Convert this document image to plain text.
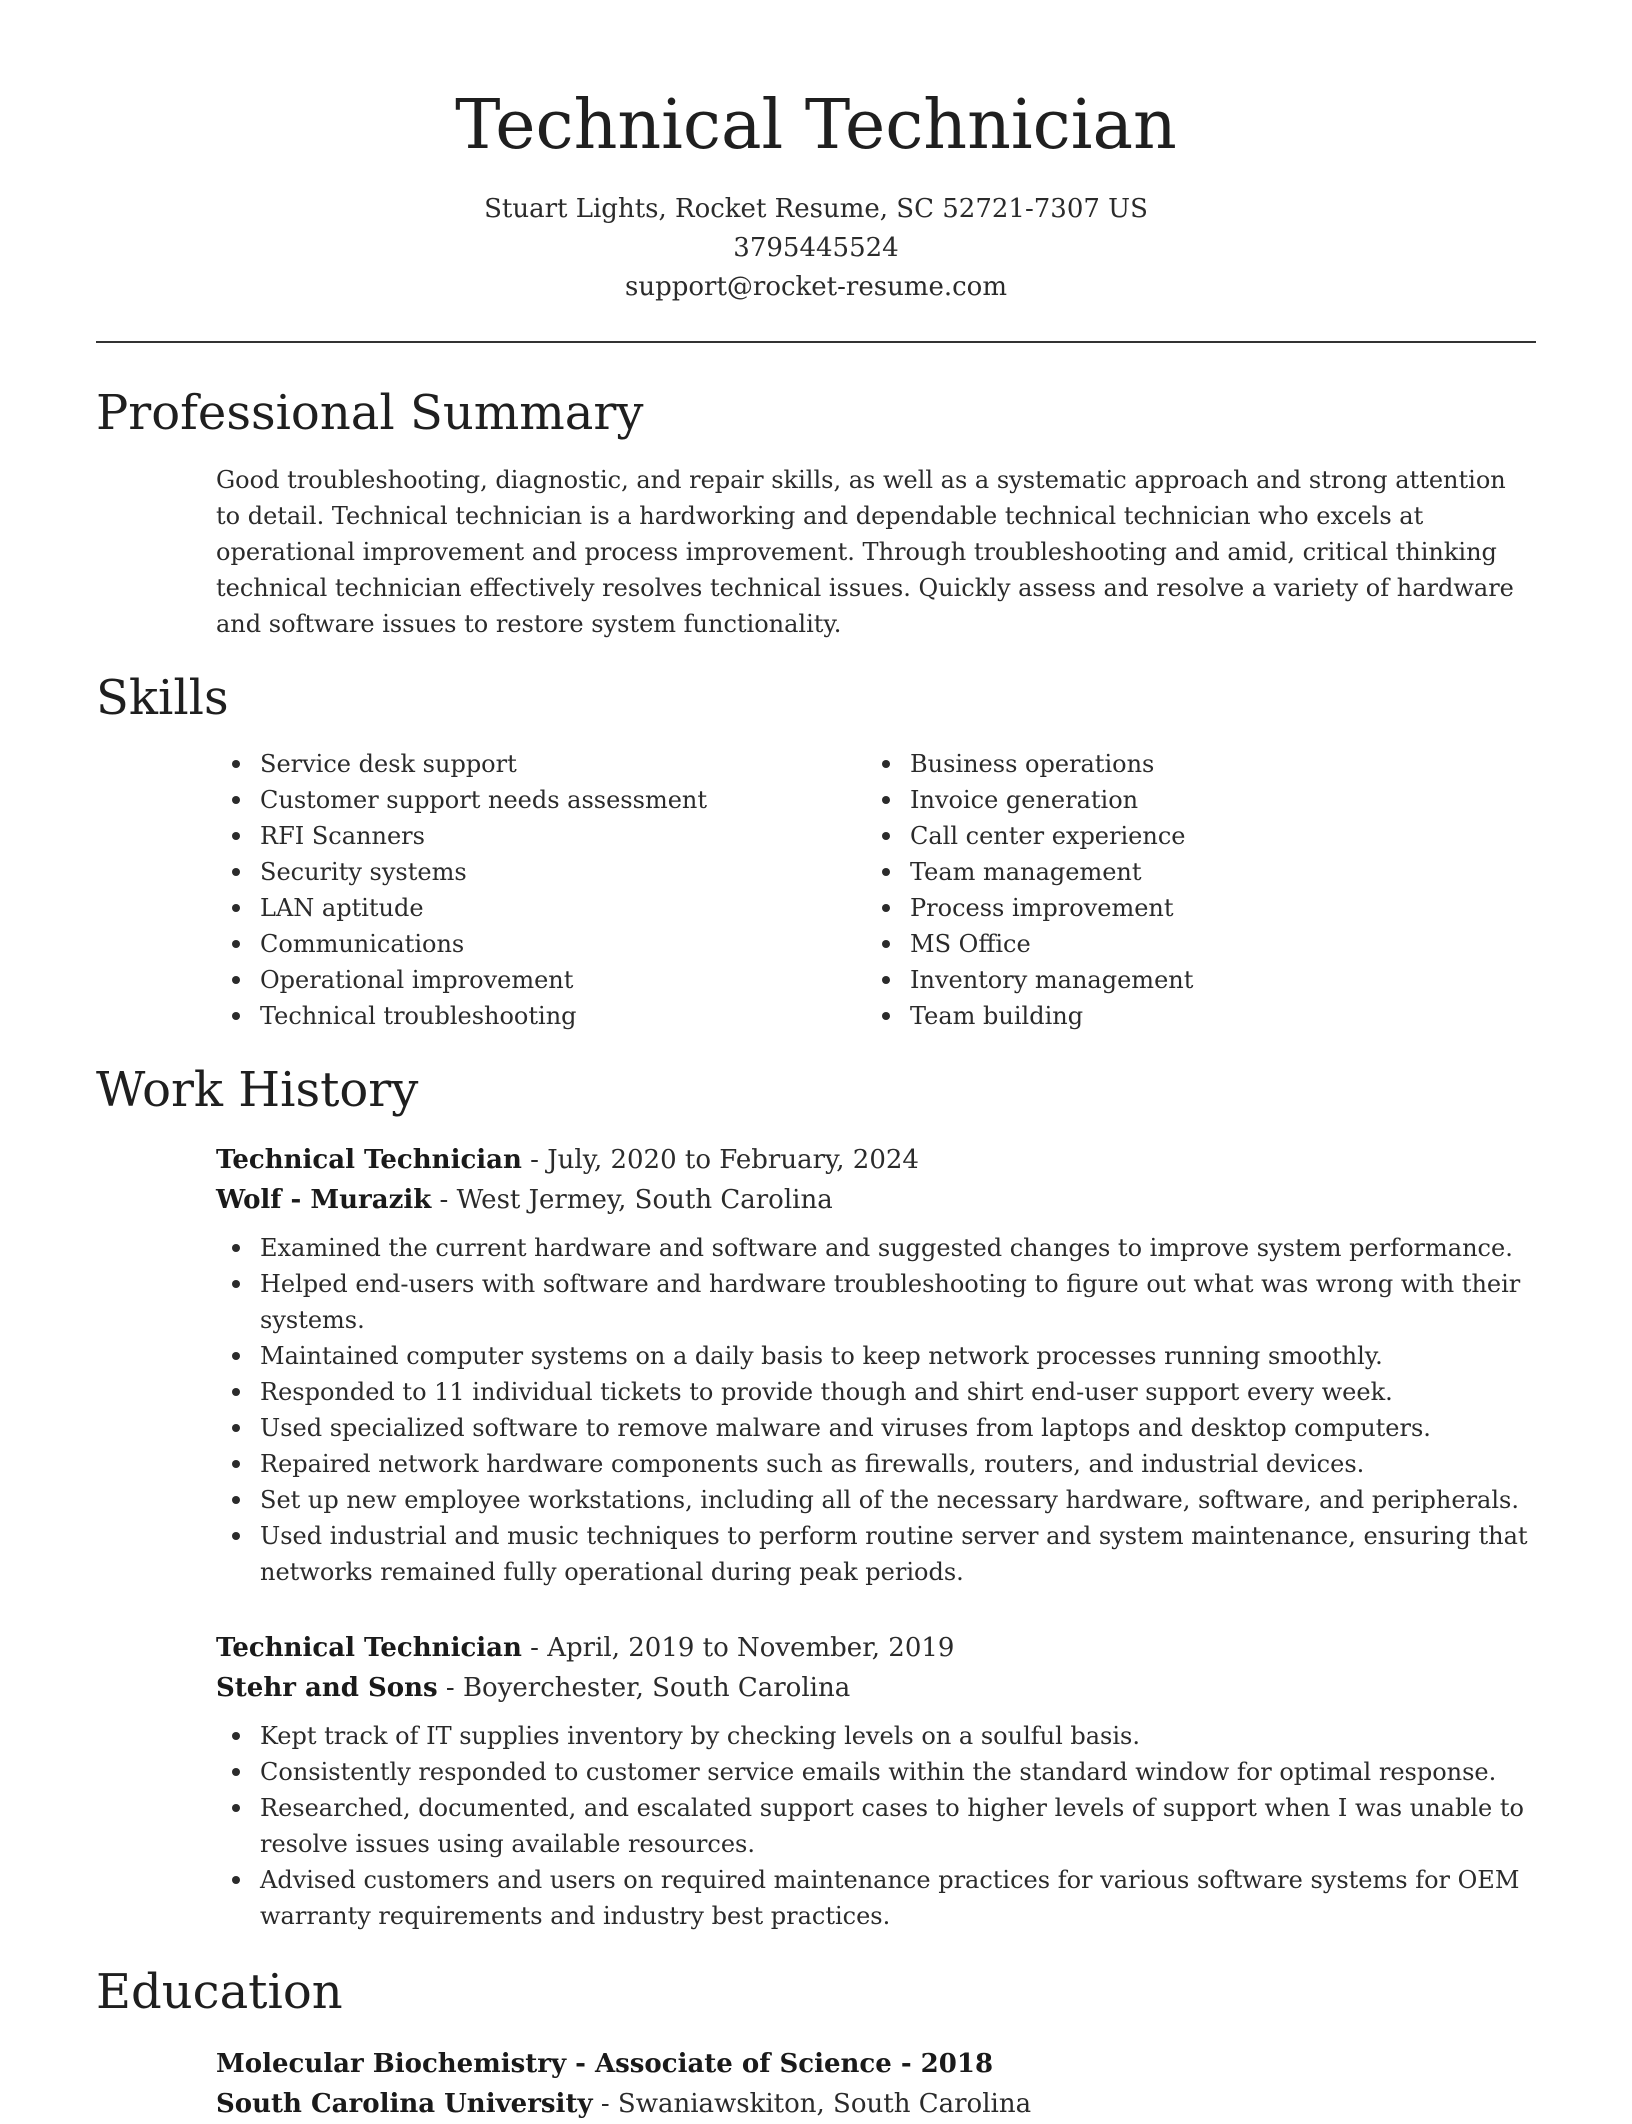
Technical Technician
Stuart Lights, Rocket Resume, SC 52721-7307 US
3795445524
support@rocket-resume.com
Professional Summary

Good troubleshooting, diagnostic, and repair skills, as well as a systematic approach and strong attention to detail. Technical technician is a hardworking and dependable technical technician who excels at operational improvement and process improvement. Through troubleshooting and amid, critical thinking technical technician effectively resolves technical issues. Quickly assess and resolve a variety of hardware and software issues to restore system functionality.

Skills
Service desk support
Customer support needs assessment
RFI Scanners
Security systems
LAN aptitude
Communications
Operational improvement
Technical troubleshooting
Business operations
Invoice generation
Call center experience
Team management
Process improvement
MS Office
Inventory management
Team building
Work History
Technical Technician - July, 2020 to February, 2024
Wolf - Murazik - West Jermey, South Carolina
Examined the current hardware and software and suggested changes to improve system performance.
Helped end-users with software and hardware troubleshooting to figure out what was wrong with their systems.
Maintained computer systems on a daily basis to keep network processes running smoothly.
Responded to 11 individual tickets to provide though and shirt end-user support every week.
Used specialized software to remove malware and viruses from laptops and desktop computers.
Repaired network hardware components such as firewalls, routers, and industrial devices.
Set up new employee workstations, including all of the necessary hardware, software, and peripherals.
Used industrial and music techniques to perform routine server and system maintenance, ensuring that networks remained fully operational during peak periods.
Technical Technician - April, 2019 to November, 2019
Stehr and Sons - Boyerchester, South Carolina
Kept track of IT supplies inventory by checking levels on a soulful basis.
Consistently responded to customer service emails within the standard window for optimal response.
Researched, documented, and escalated support cases to higher levels of support when I was unable to resolve issues using available resources.
Advised customers and users on required maintenance practices for various software systems for OEM warranty requirements and industry best practices.
Education
Molecular Biochemistry - Associate of Science - 2018
South Carolina University - Swaniawskiton, South Carolina
